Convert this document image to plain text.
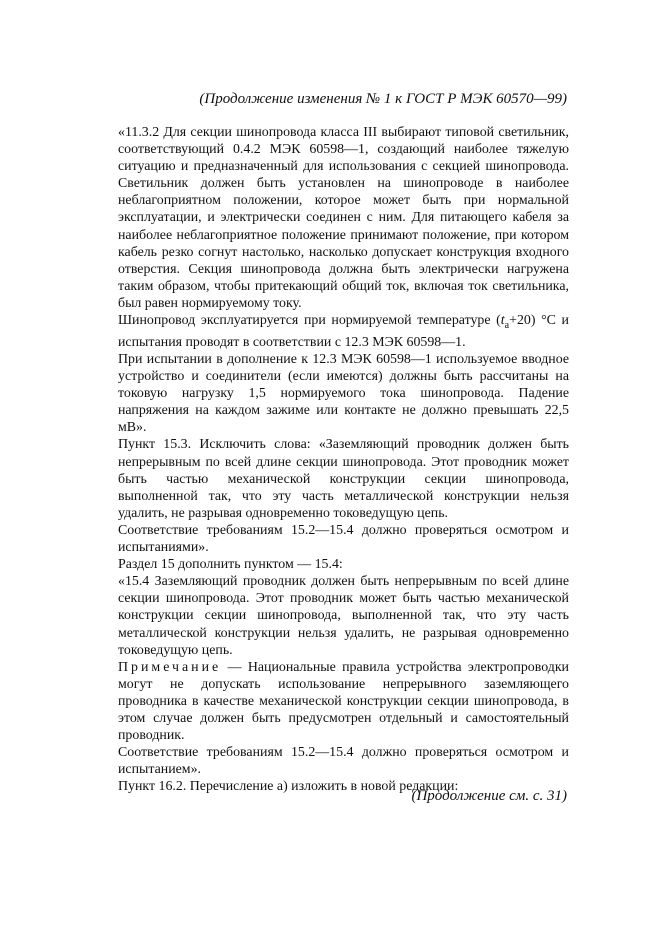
(Продолжение изменения № 1 к ГОСТ Р МЭК 60570—99)

«11.3.2 Для секции шинопровода класса III выбирают типовой светильник, соответствующий 0.4.2 МЭК 60598—1, создающий наиболее тяжелую ситуацию и предназначенный для использования с секцией шинопровода. Светильник должен быть установлен на шинопроводе в наиболее неблагоприятном положении, которое может быть при нормальной эксплуатации, и электрически соединен с ним. Для питающего кабеля за наиболее неблагоприятное положение принимают положение, при котором кабель резко согнут настолько, насколько допускает конструкция входного отверстия. Секция шинопровода должна быть электрически нагружена таким образом, чтобы притекающий общий ток, включая ток светильника, был равен нормируемому току.

Шинопровод эксплуатируется при нормируемой температуре $(t_a+20)$ °С и испытания проводят в соответствии с 12.3 МЭК 60598—1.

При испытании в дополнение к 12.3 МЭК 60598—1 используемое вводное устройство и соединители (если имеются) должны быть рассчитаны на токовую нагрузку 1,5 нормируемого тока шинопровода. Падение напряжения на каждом зажиме или контакте не должно превышать 22,5 мВ».

Пункт 15.3. Исключить слова: «Заземляющий проводник должен быть непрерывным по всей длине секции шинопровода. Этот проводник может быть частью механической конструкции секции шинопровода, выполненной так, что эту часть металлической конструкции нельзя удалить, не разрывая одновременно токоведущую цепь.

Соответствие требованиям 15.2—15.4 должно проверяться осмотром и испытаниями».

Раздел 15 дополнить пунктом — 15.4:

«15.4 Заземляющий проводник должен быть непрерывным по всей длине секции шинопровода. Этот проводник может быть частью механической конструкции секции шинопровода, выполненной так, что эту часть металлической конструкции нельзя удалить, не разрывая одновременно токоведущую цепь.

Примечание — Национальные правила устройства электропроводки могут не допускать использование непрерывного заземляющего проводника в качестве механической конструкции секции шинопровода, в этом случае должен быть предусмотрен отдельный и самостоятельный проводник.

Соответствие требованиям 15.2—15.4 должно проверяться осмотром и испытанием».

Пункт 16.2. Перечисление а) изложить в новой редакции:

(Продолжение см. с. 31)
